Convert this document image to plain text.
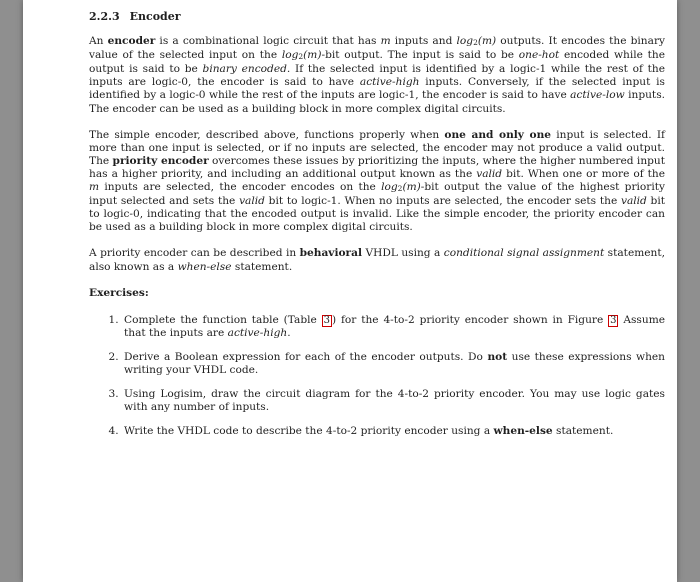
2.2.3 Encoder

An encoder is a combinational logic circuit that has m inputs and $\log_2(m)$ outputs. It encodes the binary value of the selected input on the $\log_2(m)$-bit output. The input is said to be one-hot encoded while the output is said to be binary encoded. If the selected input is identified by a logic-1 while the rest of the inputs are logic-0, the encoder is said to have active-high inputs. Conversely, if the selected input is identified by a logic-0 while the rest of the inputs are logic-1, the encoder is said to have active-low inputs. The encoder can be used as a building block in more complex digital circuits.

The simple encoder, described above, functions properly when one and only one input is selected. If more than one input is selected, or if no inputs are selected, the encoder may not produce a valid output. The priority encoder overcomes these issues by prioritizing the inputs, where the higher numbered input has a higher priority, and including an additional output known as the valid bit. When one or more of the m inputs are selected, the encoder encodes on the $\log_2(m)$-bit output the value of the highest priority input selected and sets the valid bit to logic-1. When no inputs are selected, the encoder sets the valid bit to logic-0, indicating that the encoded output is invalid. Like the simple encoder, the priority encoder can be used as a building block in more complex digital circuits.

A priority encoder can be described in behavioral VHDL using a conditional signal assignment statement, also known as a when-else statement.

Exercises:
1. Complete the function table (Table 3 ) for the 4-to-2 priority encoder shown in Figure 3 Assume that the inputs are active-high.
2. Derive a Boolean expression for each of the encoder outputs. Do not use these expressions when writing your VHDL code.
3. Using Logisim, draw the circuit diagram for the 4-to-2 priority encoder. You may use logic gates with any number of inputs.
4. Write the VHDL code to describe the 4-to-2 priority encoder using a when-else statement.
